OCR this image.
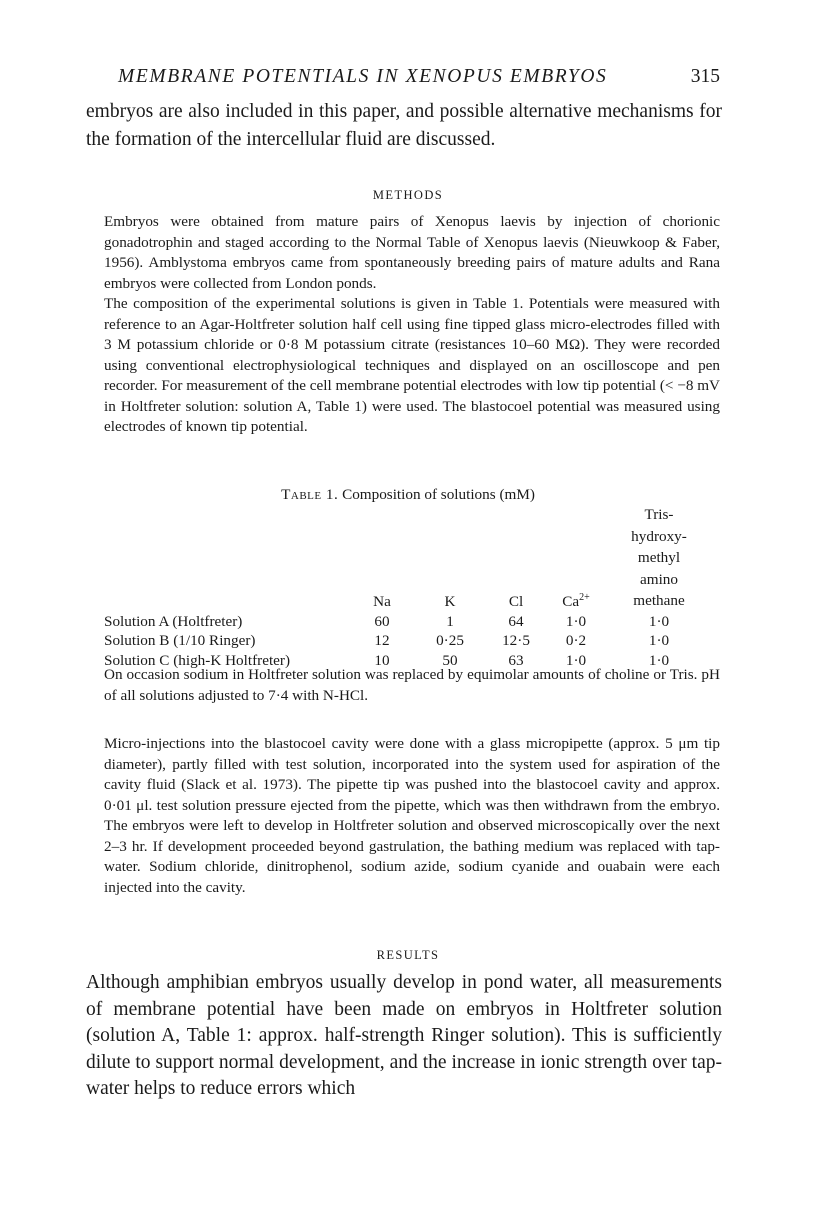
MEMBRANE POTENTIALS IN XENOPUS EMBRYOS	315
embryos are also included in this paper, and possible alternative mechanisms for the formation of the intercellular fluid are discussed.
METHODS

Embryos were obtained from mature pairs of Xenopus laevis by injection of chorionic gonadotrophin and staged according to the Normal Table of Xenopus laevis (Nieuwkoop & Faber, 1956). Amblystoma embryos came from spontaneously breeding pairs of mature adults and Rana embryos were collected from London ponds.

The composition of the experimental solutions is given in Table 1. Potentials were measured with reference to an Agar-Holtfreter solution half cell using fine tipped glass micro-electrodes filled with 3 M potassium chloride or 0·8 M potassium citrate (resistances 10–60 MΩ). They were recorded using conventional electrophysiological techniques and displayed on an oscilloscope and pen recorder. For measurement of the cell membrane potential electrodes with low tip potential (< −8 mV in Holtfreter solution: solution A, Table 1) were used. The blastocoel potential was measured using electrodes of known tip potential.

Table 1. Composition of solutions (mM)
	Na	K	Cl	$Ca^{2+}$	Tris-
hydroxy-
methyl
amino
methane

Solution A (Holtfreter)	60	1	64	1·0	1·0
Solution B (1/10 Ringer)	12	0·25	12·5	0·2	1·0
Solution C (high-K Holtfreter)	10	50	63	1·0	1·0
On occasion sodium in Holtfreter solution was replaced by equimolar amounts of choline or Tris. pH of all solutions adjusted to 7·4 with N-HCl.
Micro-injections into the blastocoel cavity were done with a glass micropipette (approx. 5 μm tip diameter), partly filled with test solution, incorporated into the system used for aspiration of the cavity fluid (Slack et al. 1973). The pipette tip was pushed into the blastocoel cavity and approx. 0·01 μl. test solution pressure ejected from the pipette, which was then withdrawn from the embryo. The embryos were left to develop in Holtfreter solution and observed microscopically over the next 2–3 hr. If development proceeded beyond gastrulation, the bathing medium was replaced with tap-water. Sodium chloride, dinitrophenol, sodium azide, sodium cyanide and ouabain were each injected into the cavity.
RESULTS
Although amphibian embryos usually develop in pond water, all measurements of membrane potential have been made on embryos in Holtfreter solution (solution A, Table 1: approx. half-strength Ringer solution). This is sufficiently dilute to support normal development, and the increase in ionic strength over tap-water helps to reduce errors which
